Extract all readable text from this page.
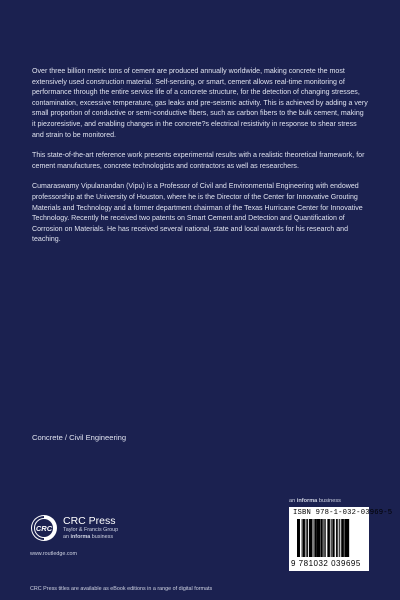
Over three billion metric tons of cement are produced annually worldwide, making concrete the most extensively used construction material. Self-sensing, or smart, cement allows real-time monitoring of performance through the entire service life of a concrete structure, for the detection of changing stresses, contamination, excessive temperature, gas leaks and pre-seismic activity. This is achieved by adding a very small proportion of conductive or semi-conductive fibers, such as carbon fibers to the bulk cement, making it piezoresistive, and enabling changes in the concrete?s electrical resistivity in response to shear stress and strain to be monitored.

This state-of-the-art reference work presents experimental results with a realistic theoretical framework, for cement manufactures, concrete technologists and contractors as well as researchers.

Cumaraswamy Vipulanandan (Vipu) is a Professor of Civil and Environmental Engineering with endowed professorship at the University of Houston, where he is the Director of the Center for Innovative Grouting Materials and Technology and a former department chairman of the Texas Hurricane Center for Innovative Technology. Recently he received two patents on Smart Cement and Detection and Quantification of Corrosion on Materials. He has received several national, state and local awards for his research and teaching.

Concrete / Civil Engineering
an informa business
ISBN 978-1-032-03969-5
9 781032 039695
CRC
CRC Press
Taylor & Francis Group
an informa business
www.routledge.com
CRC Press titles are available as eBook editions in a range of digital formats
